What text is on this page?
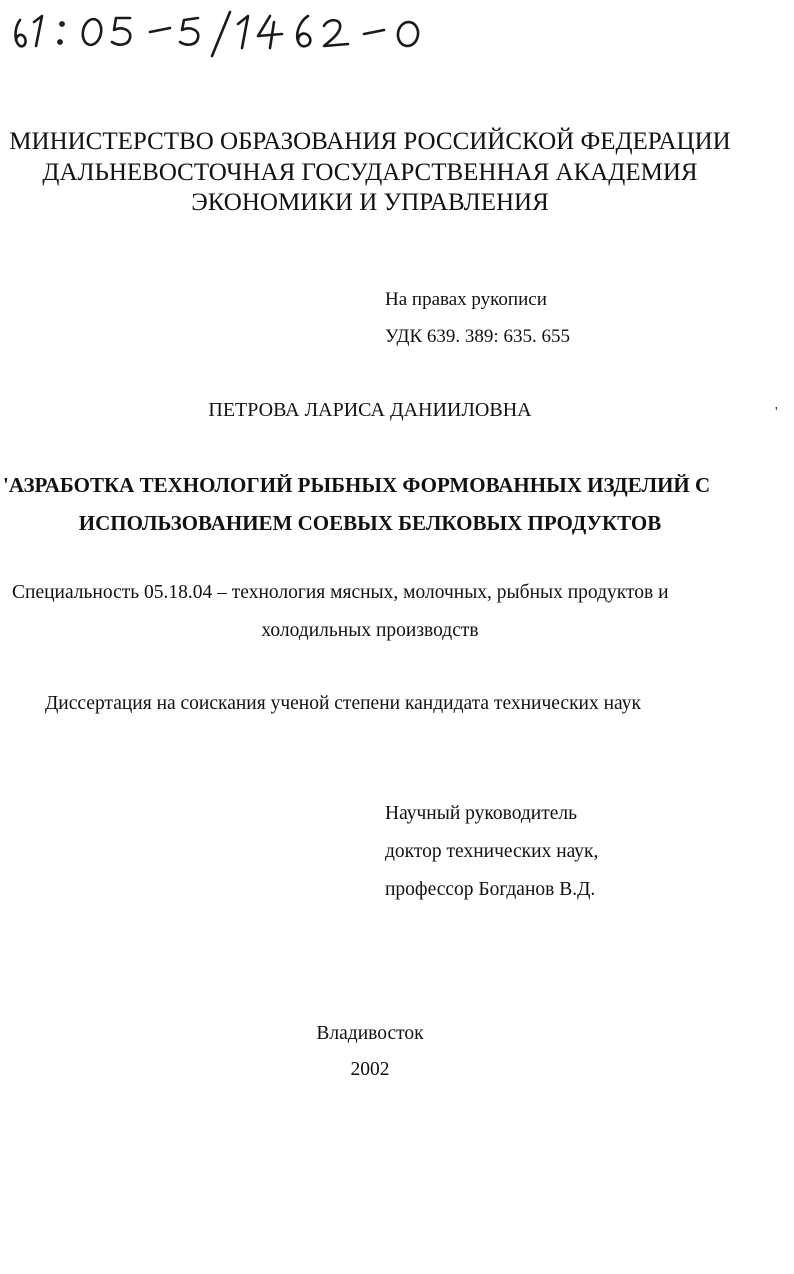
МИНИСТЕРСТВО ОБРАЗОВАНИЯ РОССИЙСКОЙ ФЕДЕРАЦИИ
ДАЛЬНЕВОСТОЧНАЯ ГОСУДАРСТВЕННАЯ АКАДЕМИЯ
ЭКОНОМИКИ И УПРАВЛЕНИЯ
На правах рукописи
УДК 639. 389: 635. 655
ПЕТРОВА ЛАРИСА ДАНИИЛОВНА	'
'АЗРАБОТКА ТЕХНОЛОГИЙ РЫБНЫХ ФОРМОВАННЫХ ИЗДЕЛИЙ С
ИСПОЛЬЗОВАНИЕМ СОЕВЫХ БЕЛКОВЫХ ПРОДУКТОВ
Специальность 05.18.04 – технология мясных, молочных, рыбных продуктов и
холодильных производств
Диссертация на соискания ученой степени кандидата технических наук
Научный руководитель
доктор технических наук,
профессор Богданов В.Д.
Владивосток
2002
